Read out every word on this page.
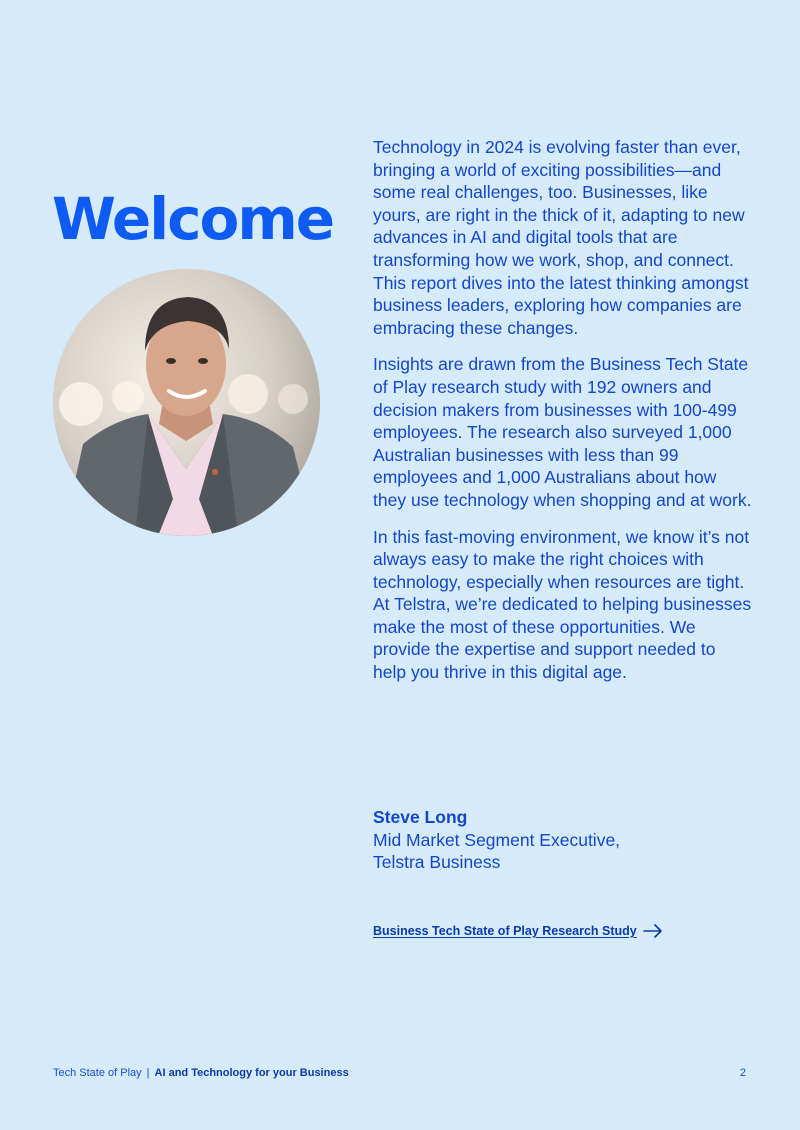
Welcome

Technology in 2024 is evolving faster than ever, bringing a world of exciting possibilities—and some real challenges, too. Businesses, like yours, are right in the thick of it, adapting to new advances in AI and digital tools that are transforming how we work, shop, and connect. This report dives into the latest thinking amongst business leaders, exploring how companies are embracing these changes.

Insights are drawn from the Business Tech State of Play research study with 192 owners and decision makers from businesses with 100-499 employees. The research also surveyed 1,000 Australian businesses with less than 99 employees and 1,000 Australians about how they use technology when shopping and at work.

In this fast-moving environment, we know it’s not always easy to make the right choices with technology, especially when resources are tight. At Telstra, we’re dedicated to helping businesses make the most of these opportunities. We provide the expertise and support needed to help you thrive in this digital age.

Steve Long
Mid Market Segment Executive,
Telstra Business
Business Tech State of Play Research Study
Tech State of Play | AI and Technology for your Business	2
